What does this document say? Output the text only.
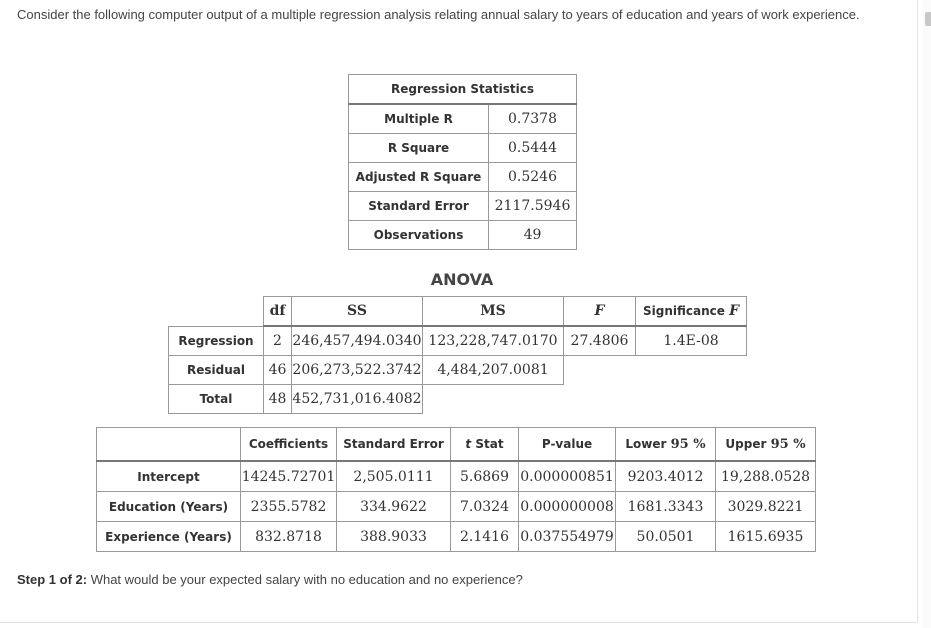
Consider the following computer output of a multiple regression analysis relating annual salary to years of education and years of work experience.
Regression Statistics	
Multiple R	0.7378
R Square	0.5444
Adjusted R Square	0.5246
Standard Error	2117.5946
Observations	49
ANOVA
	df	SS	MS	F	Significance F
Regression	2	246,457,494.0340	123,228,747.0170	27.4806	1.4E-08
Residual	46	206,273,522.3742	4,484,207.0081		
Total	48	452,731,016.4082			
	Coefficients	Standard Error	t Stat	P-value	Lower 95 %	Upper 95 %
Intercept	14245.72701	2,505.0111	5.6869	0.000000851	9203.4012	19,288.0528
Education (Years)	2355.5782	334.9622	7.0324	0.000000008	1681.3343	3029.8221
Experience (Years)	832.8718	388.9033	2.1416	0.037554979	50.0501	1615.6935
Step 1 of 2: What would be your expected salary with no education and no experience?
